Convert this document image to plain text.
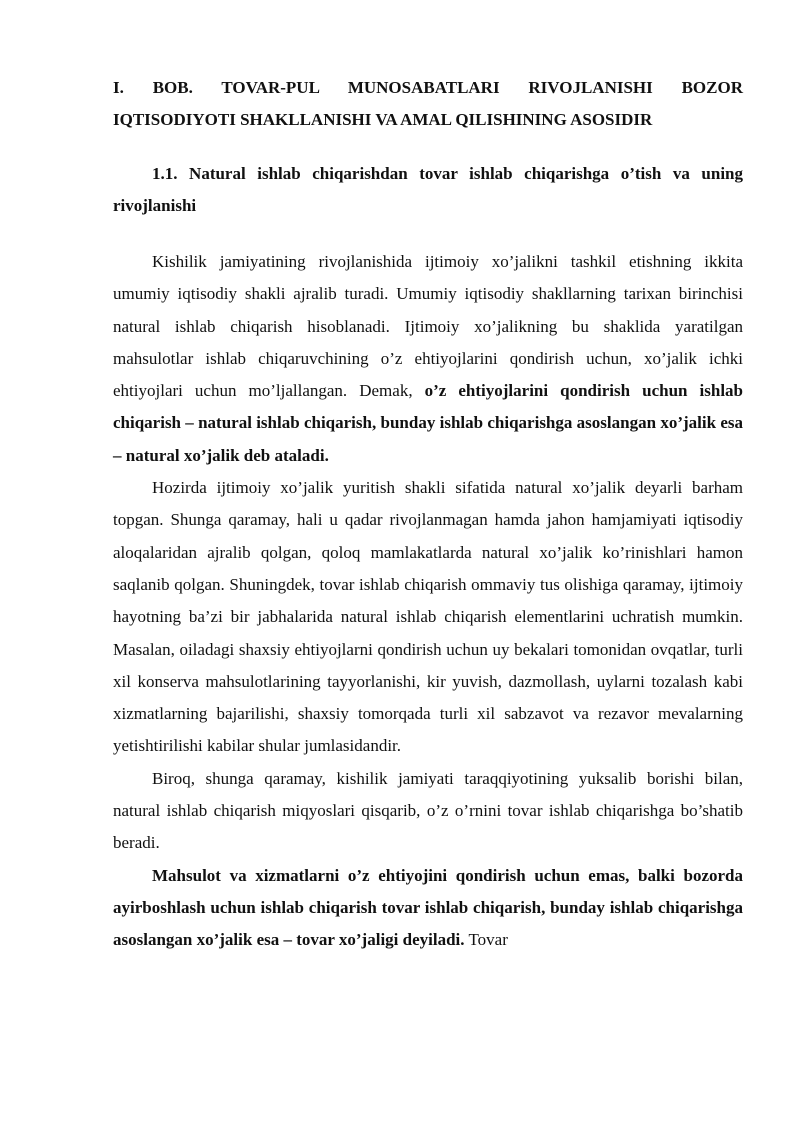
I. BOB. TOVAR-PUL MUNOSABATLARI RIVOJLANISHI BOZOR
IQTISODIYOTI SHAKLLANISHI VA AMAL QILISHINING ASOSIDIR
1.1. Natural ishlab chiqarishdan tovar ishlab chiqarishga o’tish va uning rivojlanishi

Kishilik jamiyatining rivojlanishida ijtimoiy xo’jalikni tashkil etishning ikkita umumiy iqtisodiy shakli ajralib turadi. Umumiy iqtisodiy shakllarning tarixan birinchisi natural ishlab chiqarish hisoblanadi. Ijtimoiy xo’jalikning bu shaklida yaratilgan mahsulotlar ishlab chiqaruvchining o’z ehtiyojlarini qondirish uchun, xo’jalik ichki ehtiyojlari uchun mo’ljallangan. Demak, o’z ehtiyojlarini qondirish uchun ishlab chiqarish – natural ishlab chiqarish, bunday ishlab chiqarishga asoslangan xo’jalik esa – natural xo’jalik deb ataladi.

Hozirda ijtimoiy xo’jalik yuritish shakli sifatida natural xo’jalik deyarli barham topgan. Shunga qaramay, hali u qadar rivojlanmagan hamda jahon hamjamiyati iqtisodiy aloqalaridan ajralib qolgan, qoloq mamlakatlarda natural xo’jalik ko’rinishlari hamon saqlanib qolgan. Shuningdek, tovar ishlab chiqarish ommaviy tus olishiga qaramay, ijtimoiy hayotning ba’zi bir jabhalarida natural ishlab chiqarish elementlarini uchratish mumkin. Masalan, oiladagi shaxsiy ehtiyojlarni qondirish uchun uy bekalari tomonidan ovqatlar, turli xil konserva mahsulotlarining tayyorlanishi, kir yuvish, dazmollash, uylarni tozalash kabi xizmatlarning bajarilishi, shaxsiy tomorqada turli xil sabzavot va rezavor mevalarning yetishtirilishi kabilar shular jumlasidandir.

Biroq, shunga qaramay, kishilik jamiyati taraqqiyotining yuksalib borishi bilan, natural ishlab chiqarish miqyoslari qisqarib, o’z o’rnini tovar ishlab chiqarishga bo’shatib beradi.

Mahsulot va xizmatlarni o’z ehtiyojini qondirish uchun emas, balki bozorda ayirboshlash uchun ishlab chiqarish tovar ishlab chiqarish, bunday ishlab chiqarishga asoslangan xo’jalik esa – tovar xo’jaligi deyiladi. Tovar
